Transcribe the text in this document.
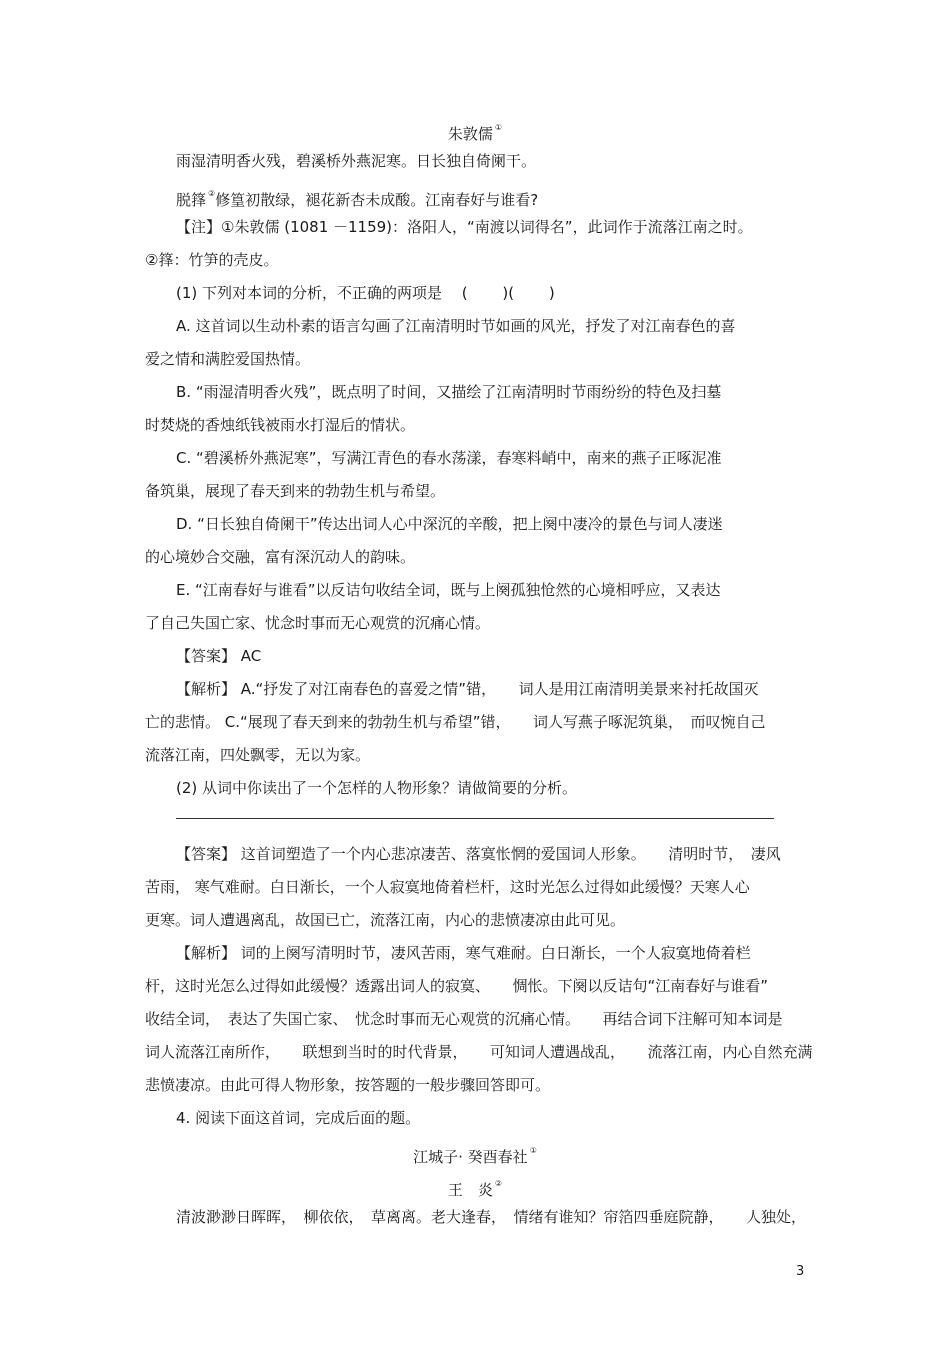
朱敦儒 ①
雨湿清明香火残，碧溪桥外燕泥寒。日长独自倚阑干。
脱箨 ②修篁初散绿，褪花新杏未成酸。江南春好与谁看?
【注】①朱敦儒 (1081 －1159)：洛阳人，“南渡以词得名”，此词作于流落江南之时。
②箨：竹笋的壳皮。
(1) 下列对本词的分析，不正确的两项是　 (　 　)(　 　)
A. 这首词以生动朴素的语言勾画了江南清明时节如画的风光，抒发了对江南春色的喜
爱之情和满腔爱国热情。
B. “雨湿清明香火残”，既点明了时间，又描绘了江南清明时节雨纷纷的特色及扫墓
时焚烧的香烛纸钱被雨水打湿后的情状。
C. “碧溪桥外燕泥寒”，写满江青色的春水荡漾，春寒料峭中，南来的燕子正啄泥准
备筑巢，展现了春天到来的勃勃生机与希望。
D. “日长独自倚阑干”传达出词人心中深沉的辛酸，把上阕中凄冷的景色与词人凄迷
的心境妙合交融，富有深沉动人的韵味。
E. “江南春好与谁看”以反诘句收结全词，既与上阕孤独怆然的心境相呼应，又表达
了自己失国亡家、忧念时事而无心观赏的沉痛心情。
【答案】 AC
【解析】 A.“抒发了对江南春色的喜爱之情”错，　　词人是用江南清明美景来衬托故国灭
亡的悲情。 C.“展现了春天到来的勃勃生机与希望”错，　　词人写燕子啄泥筑巢，　而叹惋自己
流落江南，四处飘零，无以为家。
(2) 从词中你读出了一个怎样的人物形象？请做简要的分析。
【答案】 这首词塑造了一个内心悲凉凄苦、落寞怅惘的爱国词人形象。　　清明时节，　凄风
苦雨， 寒气难耐。白日渐长，一个人寂寞地倚着栏杆，这时光怎么过得如此缓慢？天寒人心
更寒。词人遭遇离乱，故国已亡，流落江南，内心的悲愤凄凉由此可见。
【解析】 词的上阕写清明时节，凄风苦雨，寒气难耐。白日渐长，一个人寂寞地倚着栏
杆，这时光怎么过得如此缓慢？透露出词人的寂寞、　　惆怅。下阕以反诘句“江南春好与谁看”
收结全词，　表达了失国亡家、　忧念时事而无心观赏的沉痛心情。　　再结合词下注解可知本词是
词人流落江南所作，　　联想到当时的时代背景，　　可知词人遭遇战乱，　　流落江南，内心自然充满
悲愤凄凉。由此可得人物形象，按答题的一般步骤回答即可。
4. 阅读下面这首词，完成后面的题。
江城子· 癸酉春社 ①
王　炎 ②
清波渺渺日晖晖，　柳依依，　草离离。老大逢春，　情绪有谁知？帘箔四垂庭院静，　　人独处，
3
